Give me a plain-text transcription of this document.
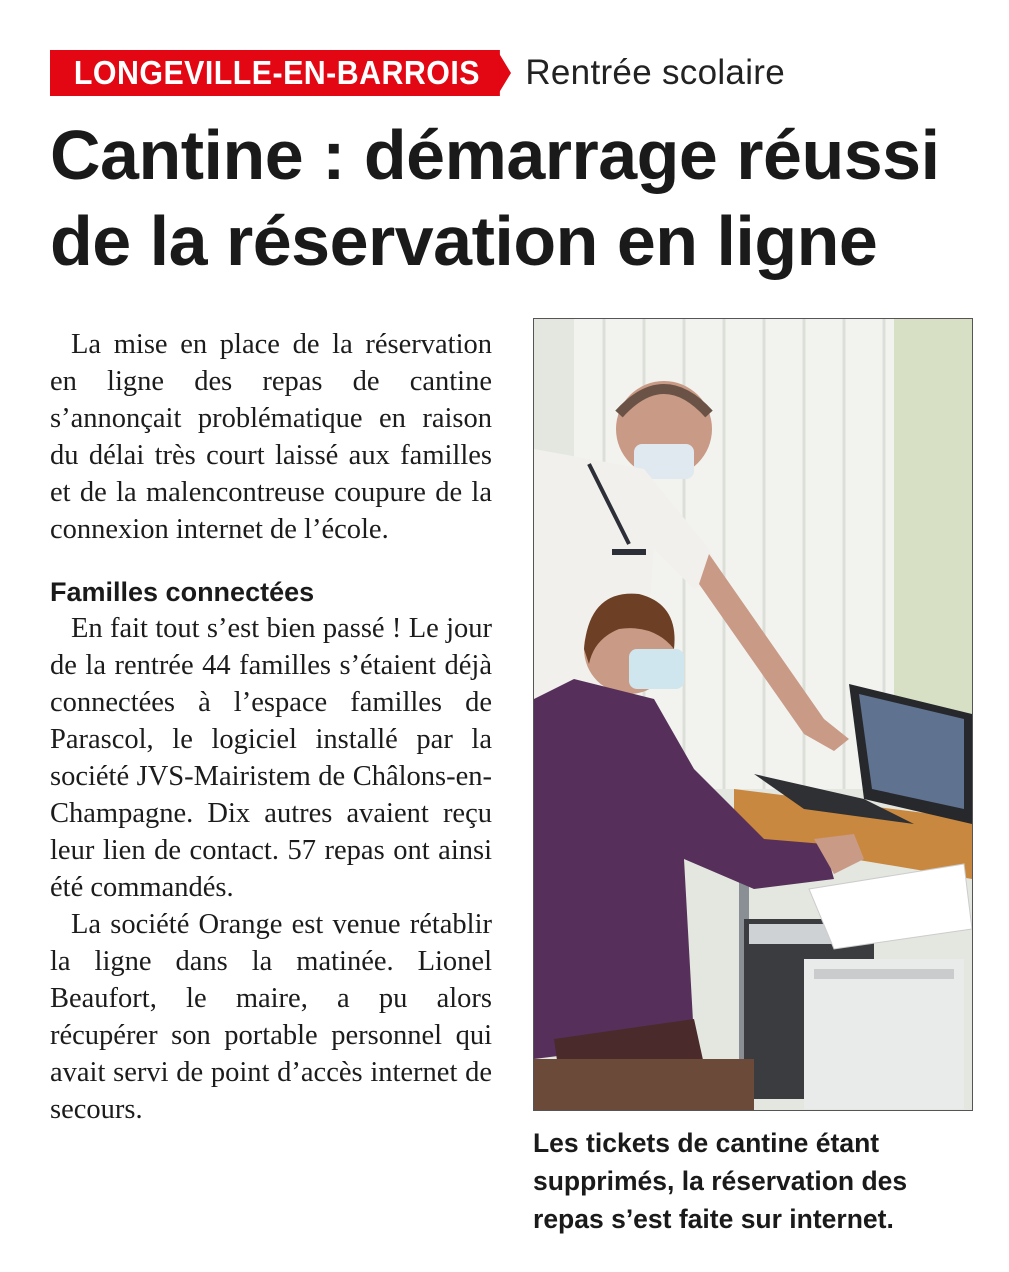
LONGEVILLE-EN-BARROIS	Rentrée scolaire
Cantine : démarrage réussi de la réservation en ligne

La mise en place de la réservation en ligne des repas de cantine s’annonçait problématique en raison du délai très court laissé aux familles et de la malencontreuse coupure de la connexion internet de l’école.

Familles connectées

En fait tout s’est bien passé ! Le jour de la rentrée 44 familles s’étaient déjà connectées à l’espace familles de Parascol, le logiciel installé par la société JVS-Mairistem de Châlons-en-Champagne. Dix autres avaient reçu leur lien de contact. 57 repas ont ainsi été commandés.

La société Orange est venue rétablir la ligne dans la matinée. Lionel Beaufort, le maire, a pu alors récupérer son portable personnel qui avait servi de point d’accès internet de secours.

Les tickets de cantine étant supprimés, la réservation des repas s’est faite sur internet.
